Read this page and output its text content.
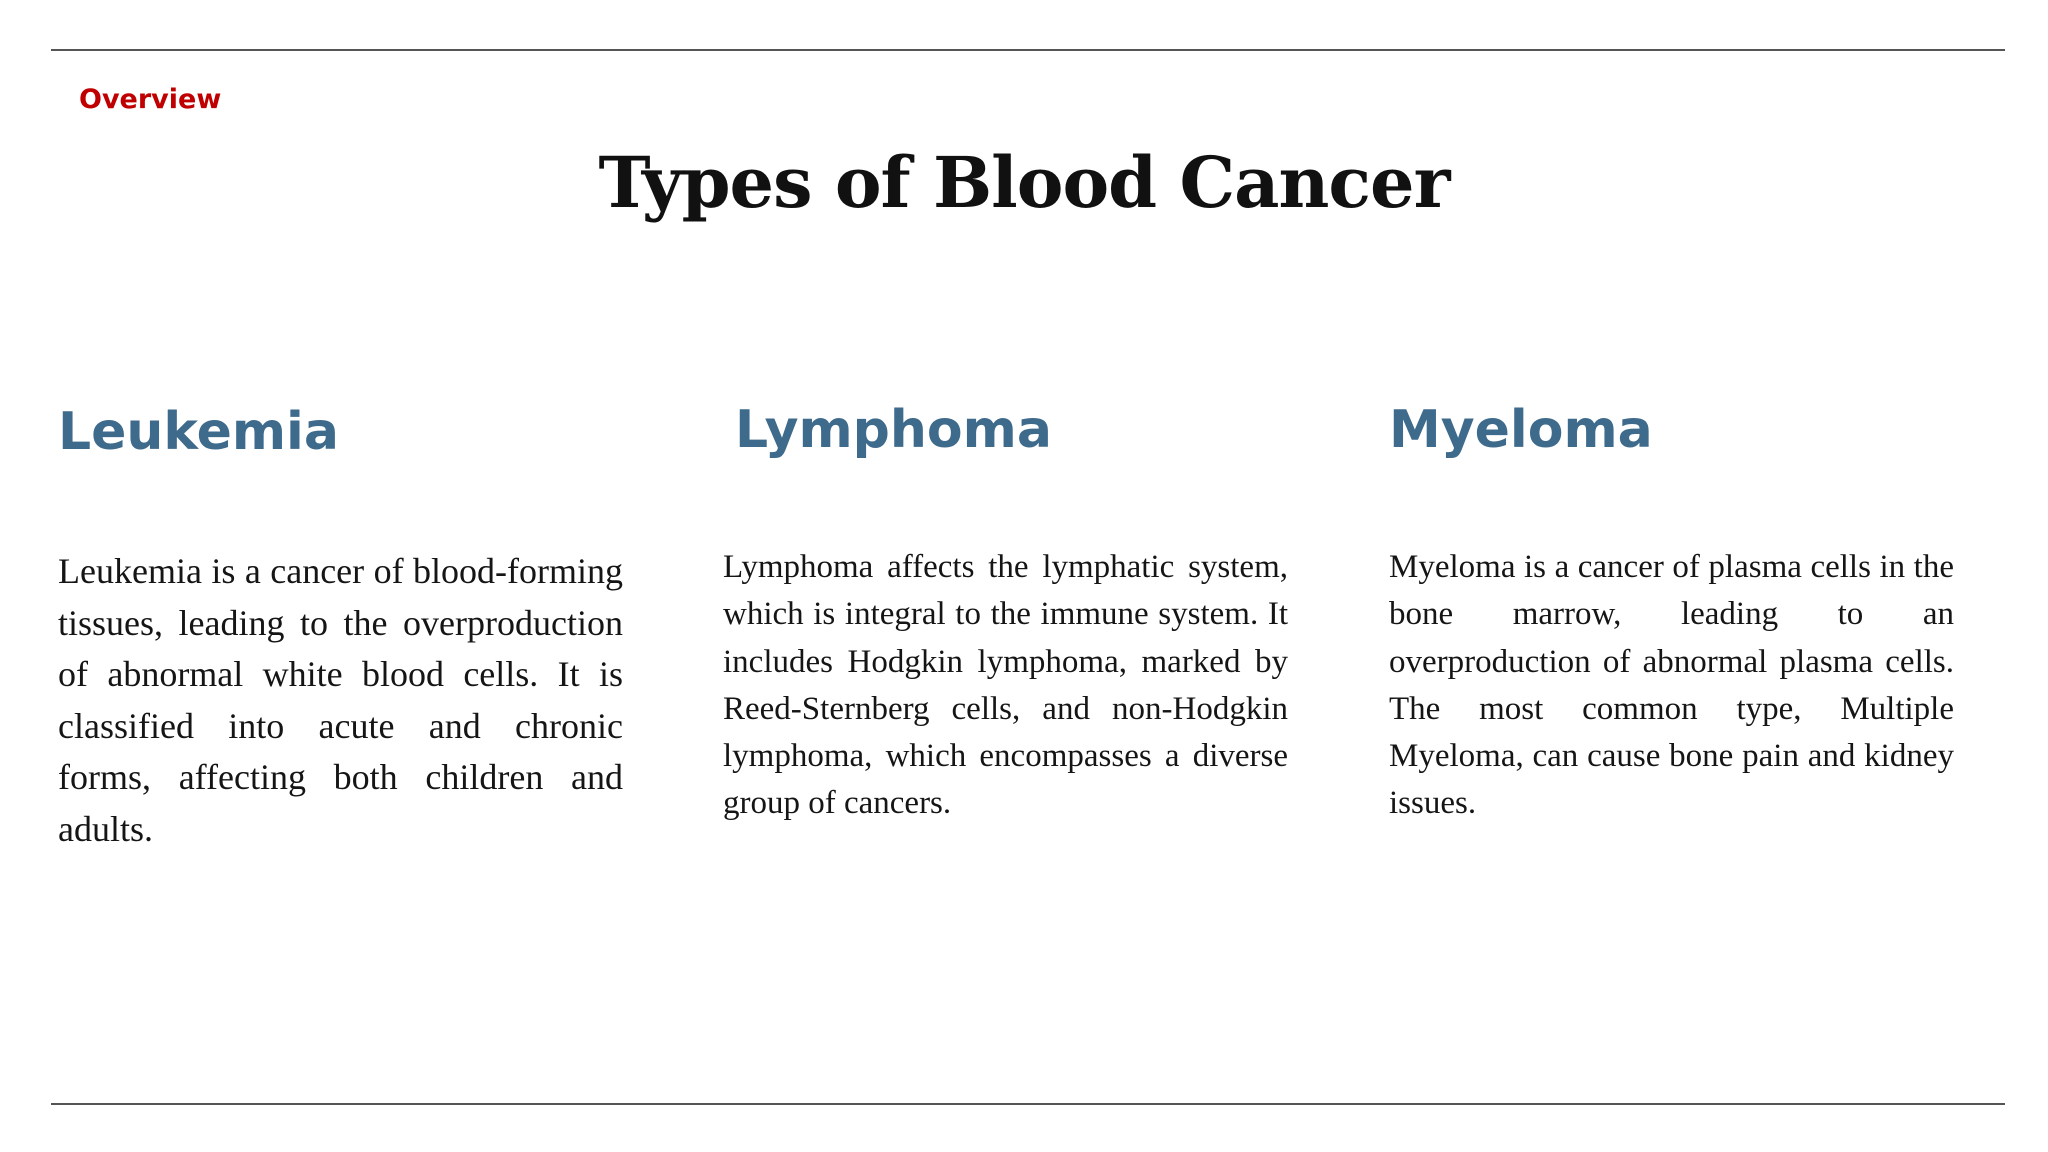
Overview

Types of Blood Cancer
Leukemia

Leukemia is a cancer of blood-forming tissues, leading to the overproduction of abnormal white blood cells. It is classified into acute and chronic forms, affecting both children and adults.

Lymphoma

Lymphoma affects the lymphatic system, which is integral to the immune system. It includes Hodgkin lymphoma, marked by Reed-Sternberg cells, and non-Hodgkin lymphoma, which encompasses a diverse group of cancers.

Myeloma

Myeloma is a cancer of plasma cells in the bone marrow, leading to an overproduction of abnormal plasma cells. The most common type, Multiple Myeloma, can cause bone pain and kidney issues.
